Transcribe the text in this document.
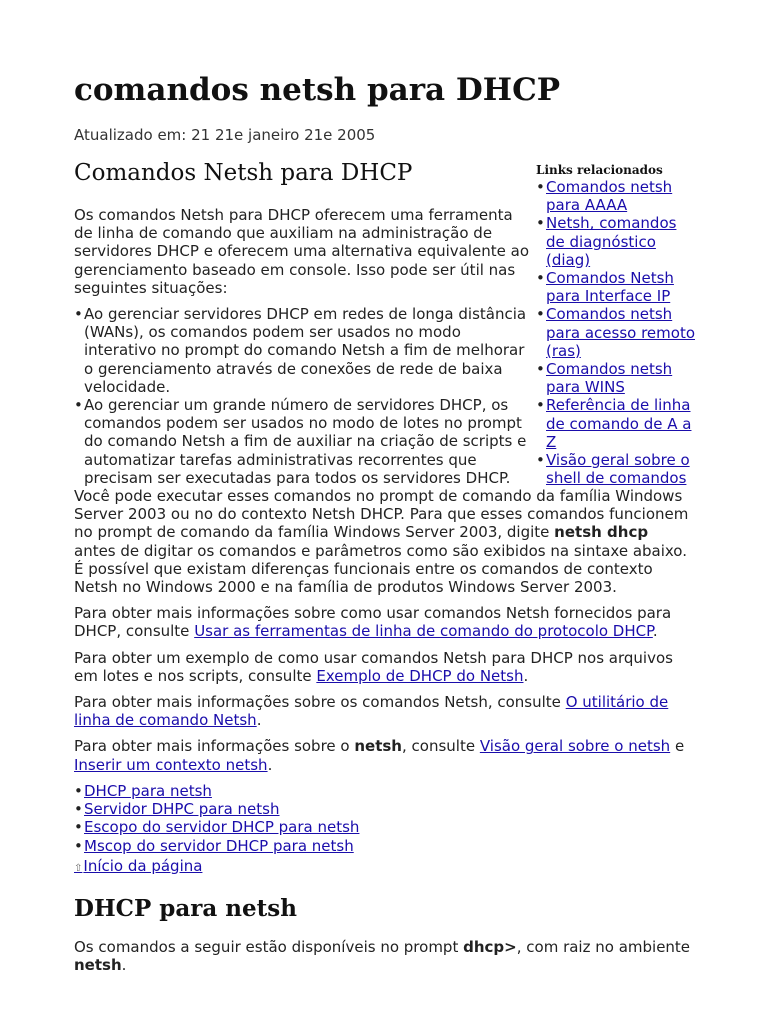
comandos netsh para DHCP

Atualizado em: 21 21e janeiro 21e 2005

Comandos Netsh para DHCP	Links relacionados
• Comandos netsh para AAAA
• Netsh, comandos de diagnóstico (diag)
• Comandos Netsh para Interface IP
• Comandos netsh para acesso remoto (ras)
• Comandos netsh para WINS
• Referência de linha de comando de A a Z
• Visão geral sobre o shell de comandos

Os comandos Netsh para DHCP oferecem uma ferramenta de linha de comando que auxiliam na administração de servidores DHCP e oferecem uma alternativa equivalente ao gerenciamento baseado em console. Isso pode ser útil nas seguintes situações:

• Ao gerenciar servidores DHCP em redes de longa distância (WANs), os comandos podem ser usados no modo interativo no prompt do comando Netsh a fim de melhorar o gerenciamento através de conexões de rede de baixa velocidade.
• Ao gerenciar um grande número de servidores DHCP, os comandos podem ser usados no modo de lotes no prompt do comando Netsh a fim de auxiliar na criação de scripts e automatizar tarefas administrativas recorrentes que precisam ser executadas para todos os servidores DHCP.

Você pode executar esses comandos no prompt de comando da família Windows Server 2003 ou no do contexto Netsh DHCP. Para que esses comandos funcionem no prompt de comando da família Windows Server 2003, digite netsh dhcp antes de digitar os comandos e parâmetros como são exibidos na sintaxe abaixo. É possível que existam diferenças funcionais entre os comandos de contexto Netsh no Windows 2000 e na família de produtos Windows Server 2003.

Para obter mais informações sobre como usar comandos Netsh fornecidos para DHCP, consulte Usar as ferramentas de linha de comando do protocolo DHCP.

Para obter um exemplo de como usar comandos Netsh para DHCP nos arquivos em lotes e nos scripts, consulte Exemplo de DHCP do Netsh.

Para obter mais informações sobre os comandos Netsh, consulte O utilitário de linha de comando Netsh.

Para obter mais informações sobre o netsh, consulte Visão geral sobre o netsh e Inserir um contexto netsh.

• DHCP para netsh
• Servidor DHPC para netsh
• Escopo do servidor DHCP para netsh
• Mscop do servidor DHCP para netsh
⇧Início da página
DHCP para netsh

Os comandos a seguir estão disponíveis no prompt dhcp>, com raiz no ambiente netsh.
